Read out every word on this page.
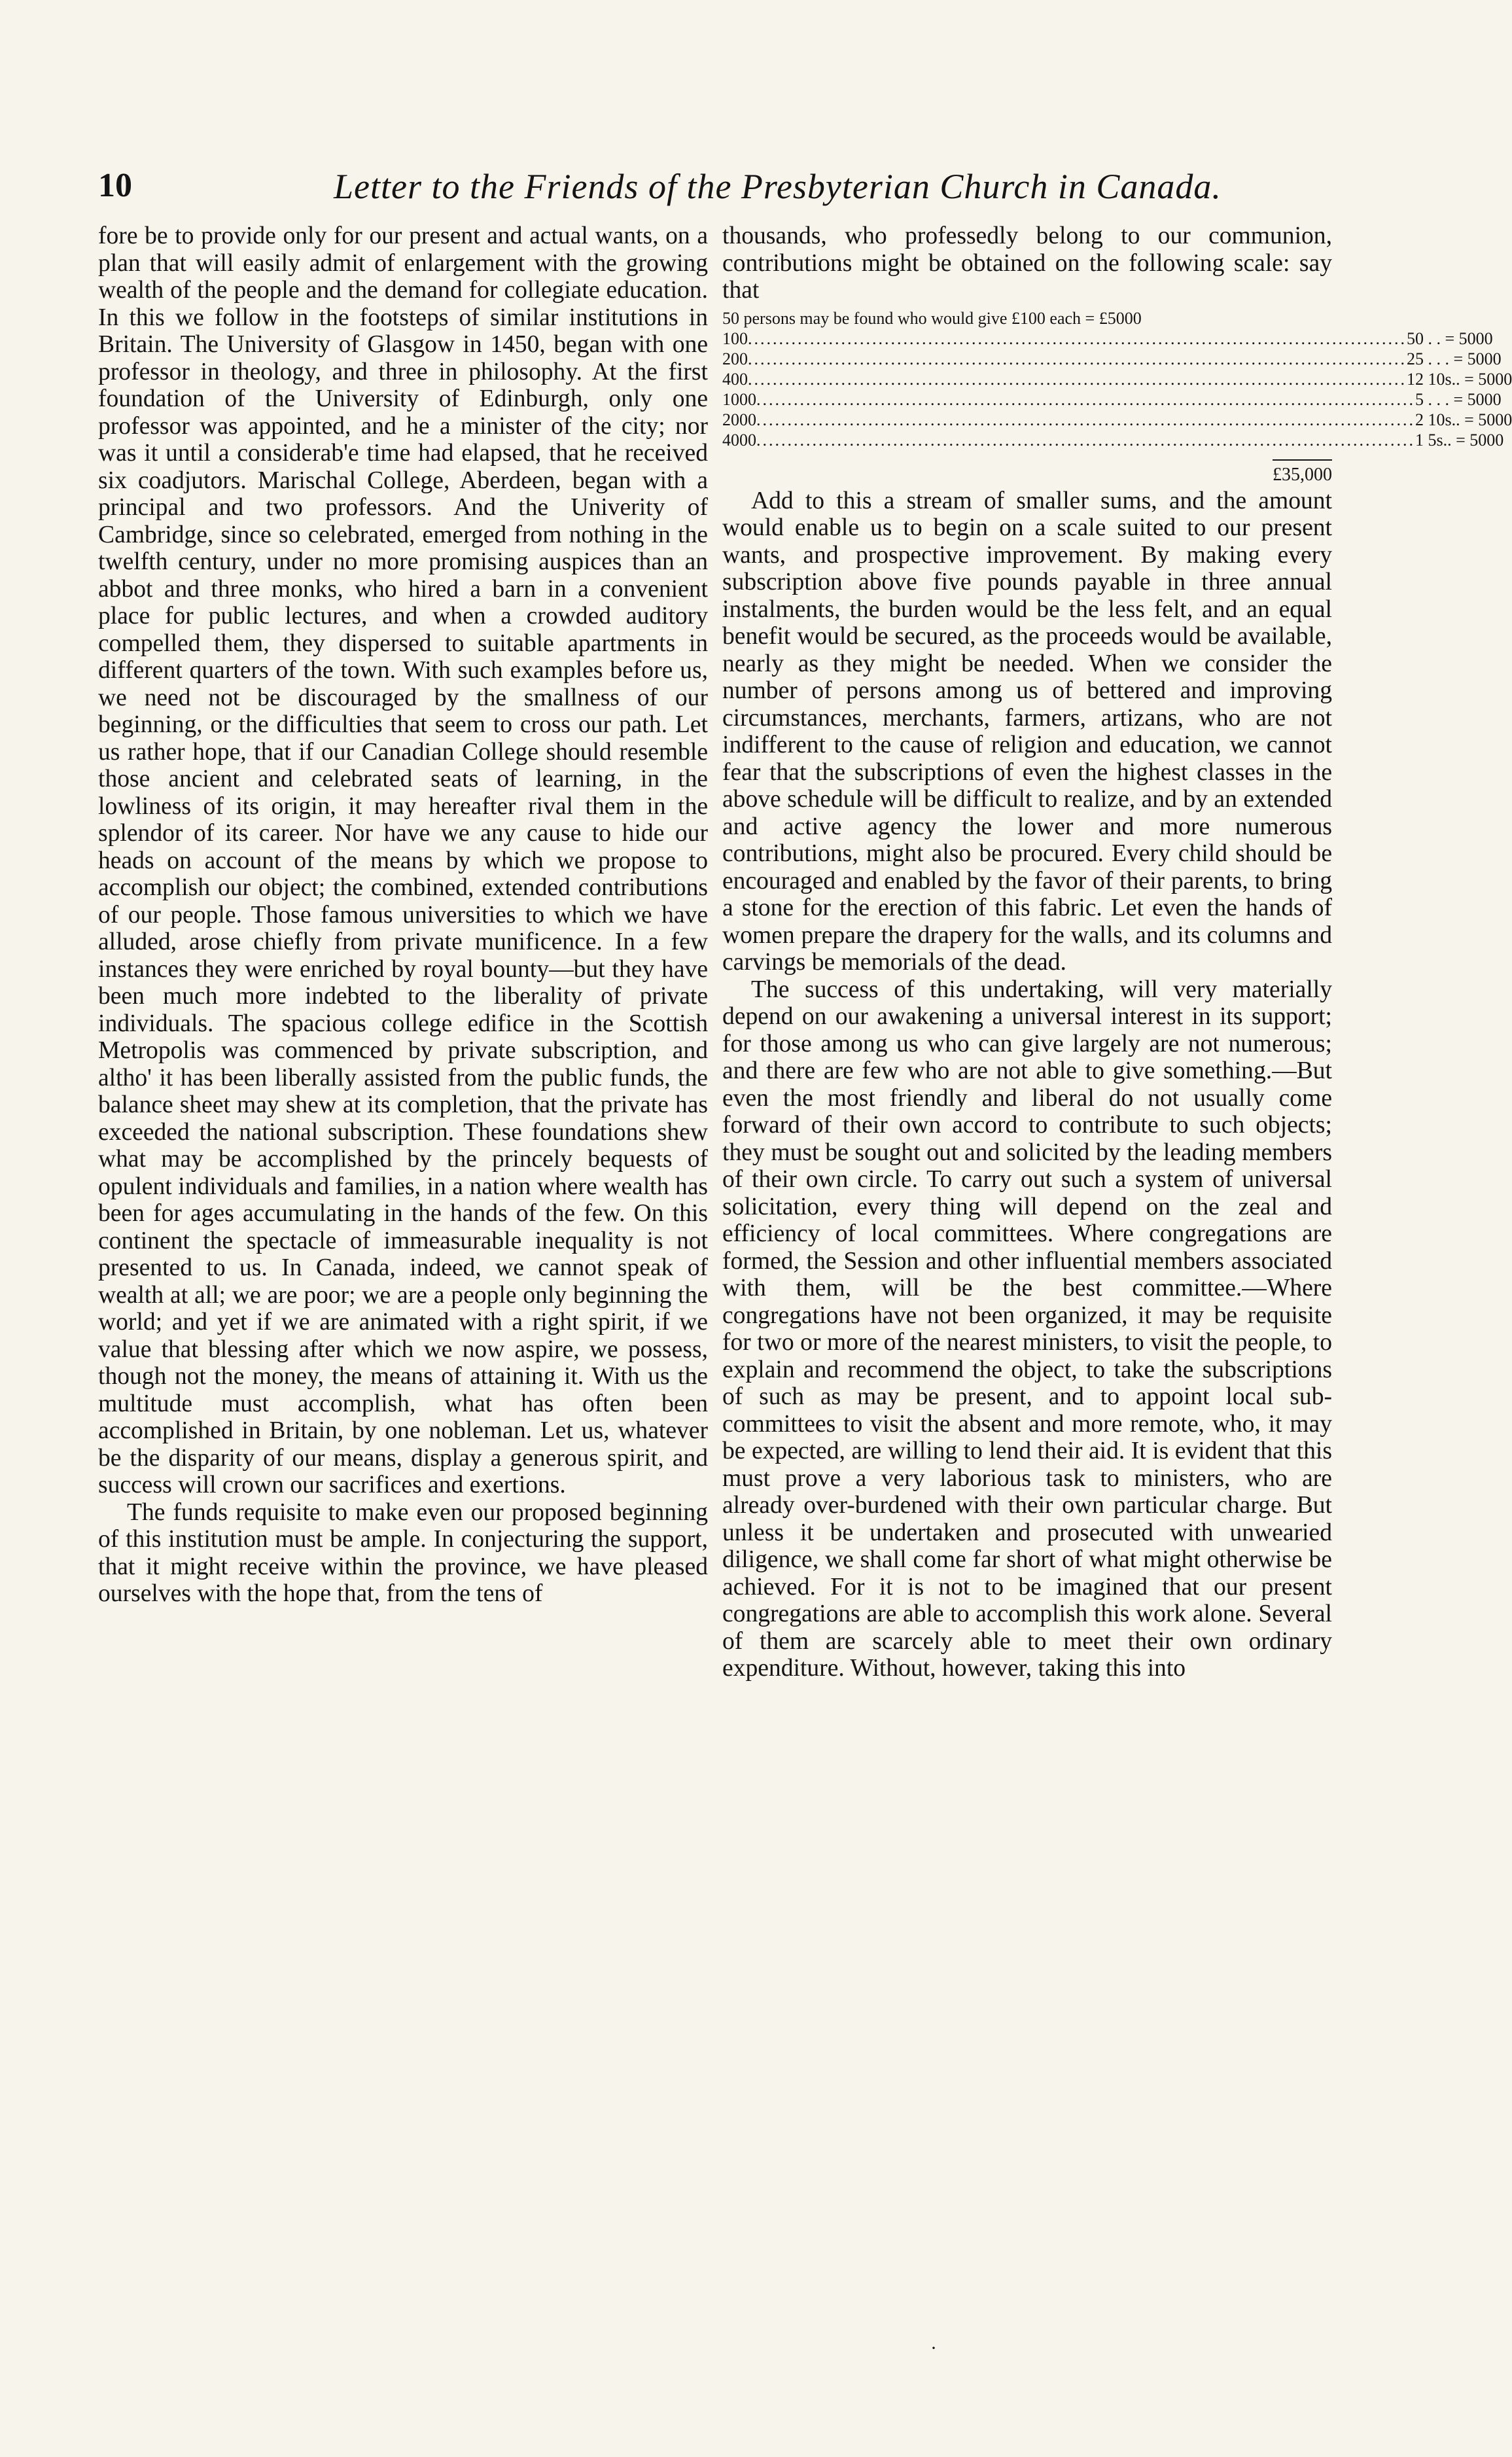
10	Letter to the Friends of the Presbyterian Church in Canada.

fore be to provide only for our present and actual wants, on a plan that will easily admit of enlargement with the growing wealth of the people and the demand for collegiate education. In this we follow in the footsteps of similar institutions in Britain. The University of Glasgow in 1450, began with one professor in theology, and three in philosophy. At the first foundation of the University of Edinburgh, only one professor was appointed, and he a minister of the city; nor was it until a considerab'e time had elapsed, that he received six coadjutors. Marischal College, Aberdeen, began with a principal and two professors. And the Univerity of Cambridge, since so celebrated, emerged from nothing in the twelfth century, under no more promising auspices than an abbot and three monks, who hired a barn in a convenient place for public lectures, and when a crowded auditory compelled them, they dispersed to suitable apartments in different quarters of the town. With such examples before us, we need not be discouraged by the smallness of our beginning, or the difficulties that seem to cross our path. Let us rather hope, that if our Canadian College should resemble those ancient and celebrated seats of learning, in the lowliness of its origin, it may hereafter rival them in the splendor of its career. Nor have we any cause to hide our heads on account of the means by which we propose to accomplish our object; the combined, extended contributions of our people. Those famous universities to which we have alluded, arose chiefly from private munificence. In a few instances they were enriched by royal bounty—but they have been much more indebted to the liberality of private individuals. The spacious college edifice in the Scottish Metropolis was commenced by private subscription, and altho' it has been liberally assisted from the public funds, the balance sheet may shew at its completion, that the private has exceeded the national subscription. These foundations shew what may be accomplished by the princely bequests of opulent individuals and families, in a nation where wealth has been for ages accumulating in the hands of the few. On this continent the spectacle of immeasurable inequality is not presented to us. In Canada, indeed, we cannot speak of wealth at all; we are poor; we are a people only beginning the world; and yet if we are animated with a right spirit, if we value that blessing after which we now aspire, we possess, though not the money, the means of attaining it. With us the multitude must accomplish, what has often been accomplished in Britain, by one nobleman. Let us, whatever be the disparity of our means, display a generous spirit, and success will crown our sacrifices and exertions.

The funds requisite to make even our proposed beginning of this institution must be ample. In conjecturing the support, that it might receive within the province, we have pleased ourselves with the hope that, from the tens of

thousands, who professedly belong to our communion, contributions might be obtained on the following scale: say that

50 persons may be found who would give £100 each = £5000
100 .......................................................................................................... 50 . . = 5000
200 .......................................................................................................... 25 . . . = 5000
400 .......................................................................................................... 12 10s.. = 5000
1000 .......................................................................................................... 5 . . . = 5000
2000 .......................................................................................................... 2 10s.. = 5000
4000 .......................................................................................................... 1 5s.. = 5000
£35,000

Add to this a stream of smaller sums, and the amount would enable us to begin on a scale suited to our present wants, and prospective improvement. By making every subscription above five pounds payable in three annual instalments, the burden would be the less felt, and an equal benefit would be secured, as the proceeds would be available, nearly as they might be needed. When we consider the number of persons among us of bettered and improving circumstances, merchants, farmers, artizans, who are not indifferent to the cause of religion and education, we cannot fear that the subscriptions of even the highest classes in the above schedule will be difficult to realize, and by an extended and active agency the lower and more numerous contributions, might also be procured. Every child should be encouraged and enabled by the favor of their parents, to bring a stone for the erection of this fabric. Let even the hands of women prepare the drapery for the walls, and its columns and carvings be memorials of the dead.

The success of this undertaking, will very materially depend on our awakening a universal interest in its support; for those among us who can give largely are not numerous; and there are few who are not able to give something.—But even the most friendly and liberal do not usually come forward of their own accord to contribute to such objects; they must be sought out and solicited by the leading members of their own circle. To carry out such a system of universal solicitation, every thing will depend on the zeal and efficiency of local committees. Where congregations are formed, the Session and other influential members associated with them, will be the best committee.—Where congregations have not been organized, it may be requisite for two or more of the nearest ministers, to visit the people, to explain and recommend the object, to take the subscriptions of such as may be present, and to appoint local sub-committees to visit the absent and more remote, who, it may be expected, are willing to lend their aid. It is evident that this must prove a very laborious task to ministers, who are already over-burdened with their own particular charge. But unless it be undertaken and prosecuted with unwearied diligence, we shall come far short of what might otherwise be achieved. For it is not to be imagined that our present congregations are able to accomplish this work alone. Several of them are scarcely able to meet their own ordinary expenditure. Without, however, taking this into

·
